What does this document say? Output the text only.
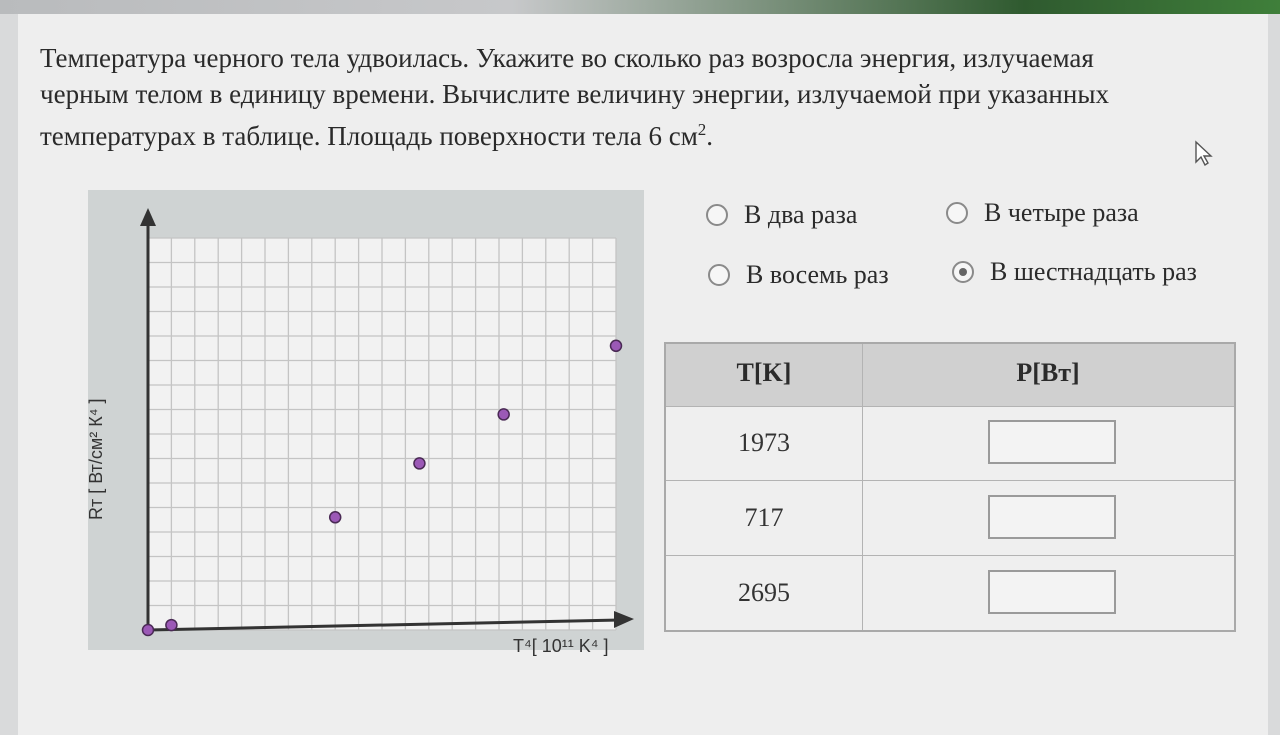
Температура черного тела удвоилась. Укажите во сколько раз возросла энергия, излучаемая
черным телом в единицу времени. Вычислите величину энергии, излучаемой при указанных
температурах в таблице. Площадь поверхности тела 6 $см^2$.
Rт [ Вт/см² К⁴ ]
T⁴[ 10¹¹ K⁴ ]
В два раза	В четыре раза
В восемь раз	В шестнадцать раз
T[K]	P[Вт]
1973
717
2695
